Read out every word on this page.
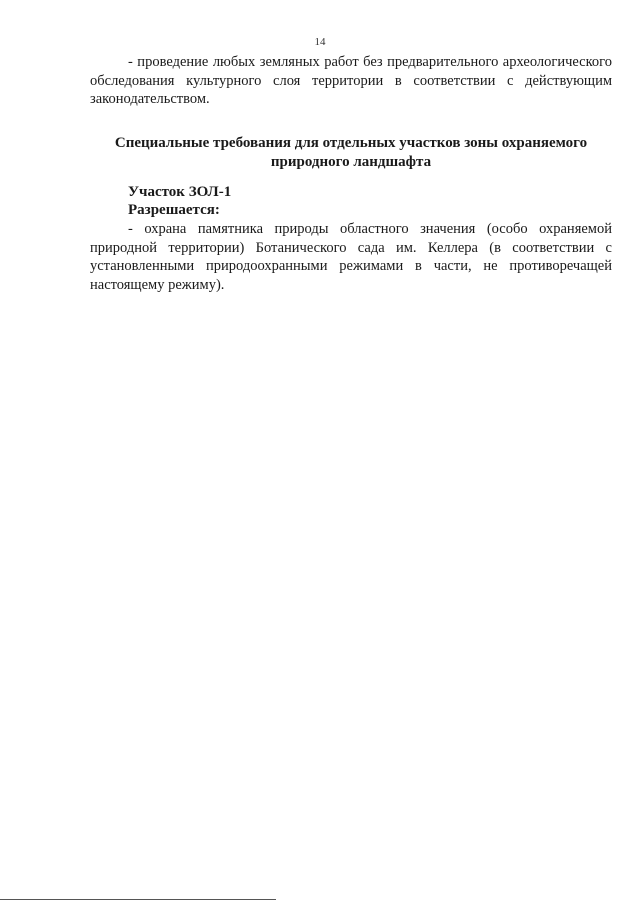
14

- проведение любых земляных работ без предварительного археологического обследования культурного слоя территории в соответствии с действующим законодательством.

Специальные требования для отдельных участков зоны охраняемого природного ландшафта
Участок ЗОЛ-1
Разрешается:

- охрана памятника природы областного значения (особо охраняемой природной территории) Ботанического сада им. Келлера (в соответствии с установленными природоохранными режимами в части, не противоречащей настоящему режиму).
